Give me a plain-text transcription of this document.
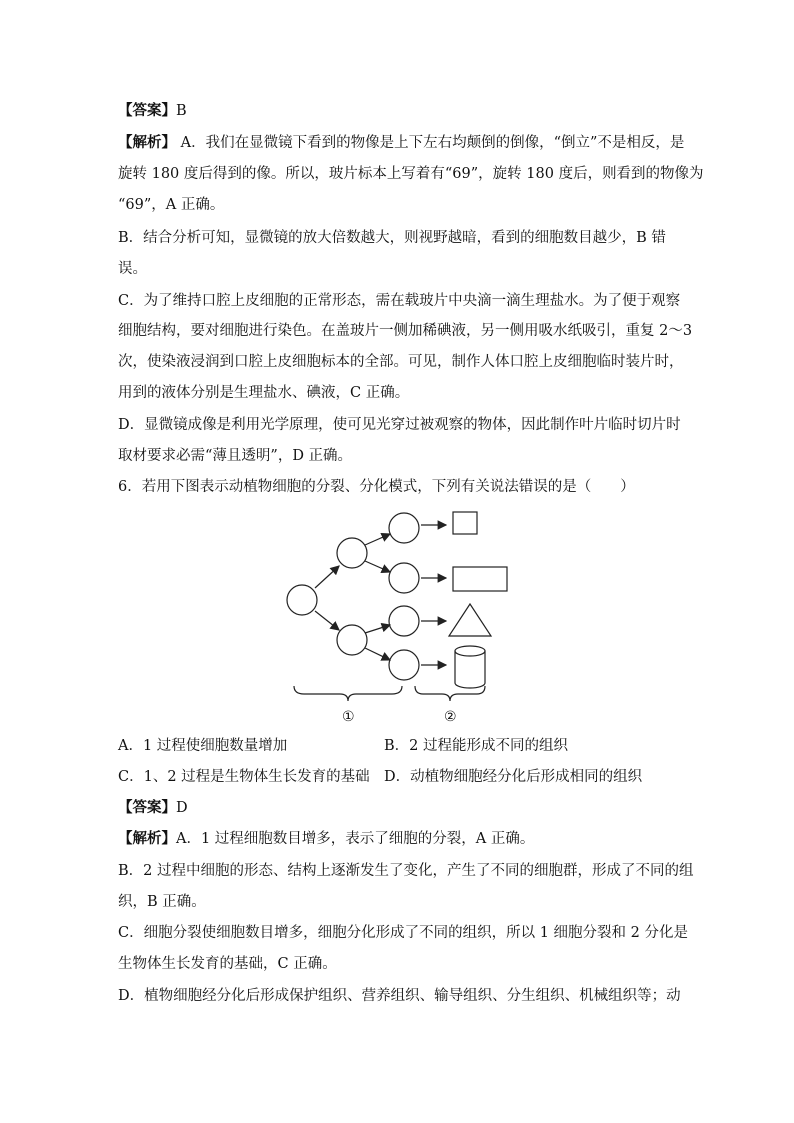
【答案】B
【解析】 A．我们在显微镜下看到的物像是上下左右均颠倒的倒像，“倒立”不是相反，是
旋转 180 度后得到的像。所以，玻片标本上写着有“69”，旋转 180 度后，则看到的物像为
“69”，A 正确。
B．结合分析可知，显微镜的放大倍数越大，则视野越暗，看到的细胞数目越少，B 错
误。
C．为了维持口腔上皮细胞的正常形态，需在载玻片中央滴一滴生理盐水。为了便于观察
细胞结构，要对细胞进行染色。在盖玻片一侧加稀碘液，另一侧用吸水纸吸引，重复 2～3
次，使染液浸润到口腔上皮细胞标本的全部。可见，制作人体口腔上皮细胞临时装片时，
用到的液体分别是生理盐水、碘液，C 正确。
D．显微镜成像是利用光学原理，使可见光穿过被观察的物体，因此制作叶片临时切片时
取材要求必需“薄且透明”，D 正确。
6．若用下图表示动植物细胞的分裂、分化模式，下列有关说法错误的是（　　）
①	②
A．1 过程使细胞数量增加	B．2 过程能形成不同的组织
C．1、2 过程是生物体生长发育的基础 D．动植物细胞经分化后形成相同的组织
【答案】D
【解析】A．1 过程细胞数目增多，表示了细胞的分裂，A 正确。
B．2 过程中细胞的形态、结构上逐渐发生了变化，产生了不同的细胞群，形成了不同的组
织，B 正确。
C．细胞分裂使细胞数目增多，细胞分化形成了不同的组织，所以 1 细胞分裂和 2 分化是
生物体生长发育的基础，C 正确。
D．植物细胞经分化后形成保护组织、营养组织、输导组织、分生组织、机械组织等；动
